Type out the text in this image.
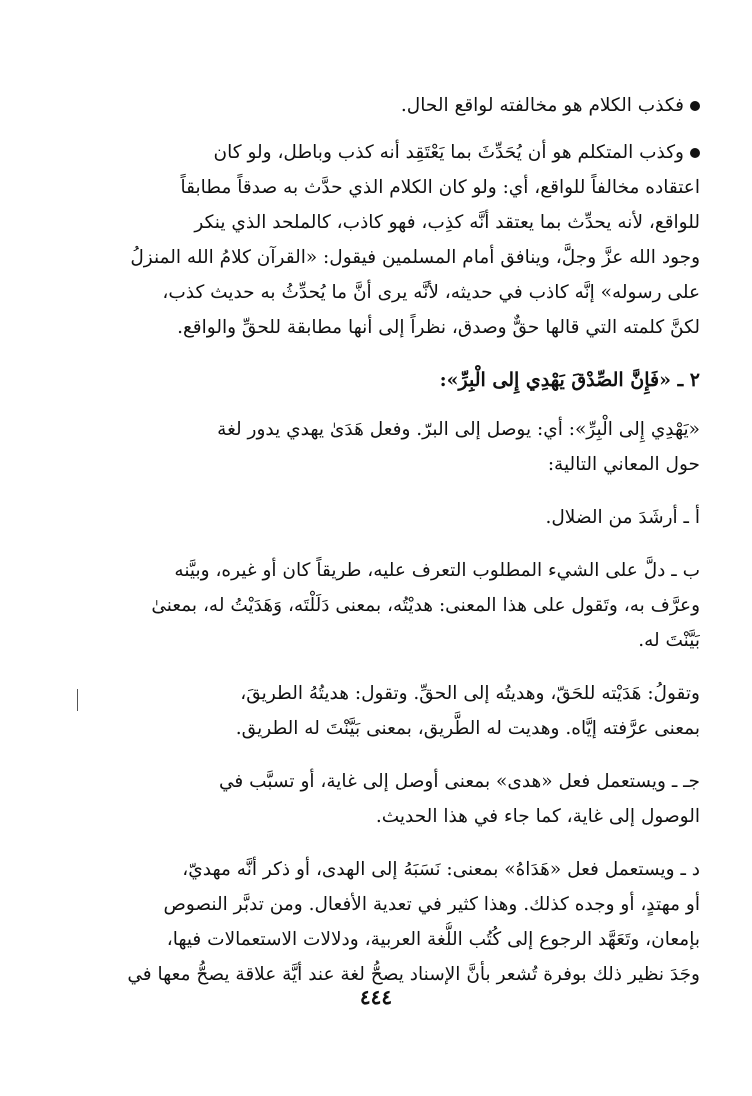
فكذب الكلام هو مخالفته لواقع الحال.

وكذب المتكلم هو أن يُحَدِّثَ بما يَعْتَقِد أنه كذب وباطل، ولو كان
اعتقاده مخالفاً للواقع، أي: ولو كان الكلام الذي حدَّث به صدقاً مطابقاً
للواقع، لأنه يحدِّث بما يعتقد أنَّه كذِب، فهو كاذب، كالملحد الذي ينكر
وجود الله عزَّ وجلَّ، وينافق أمام المسلمين فيقول: «القرآن كلامُ الله المنزلُ
على رسوله» إنَّه كاذب في حديثه، لأنَّه يرى أنَّ ما يُحدِّثُ به حديث كذب،
لكنَّ كلمته التي قالها حقٌّ وصدق، نظراً إلى أنها مطابقة للحقِّ والواقع.

٢ ـ «فَإِنَّ الصِّدْقَ يَهْدِي إِلى الْبِرِّ»:

«يَهْدِي إِلى الْبِرِّ»: أي: يوصل إلى البرّ. وفعل هَدَىٰ يهدي يدور لغة
حول المعاني التالية:

أ ـ أرشَدَ من الضلال.

ب ـ دلَّ على الشيء المطلوب التعرف عليه، طريقاً كان أو غيره، وبيَّنه
وعرَّف به، وتَقول على هذا المعنى: هديْتُه، بمعنى دَلَلْتَه، وَهَدَيْتُ له، بمعنىٰ
بَيَّنْتَ له.

وتقولُ: هَدَيْته للحَقّ، وهديتُه إلى الحقِّ. وتقول: هديتُهُ الطريقَ،
بمعنى عرَّفته إيَّاه. وهديت له الطَّريق، بمعنى بَيَّنْتَ له الطريق.

جـ ـ ويستعمل فعل «هدى» بمعنى أوصل إلى غاية، أو تسبَّب في
الوصول إلى غاية، كما جاء في هذا الحديث.

د ـ ويستعمل فعل «هَدَاهُ» بمعنى: نَسَبَهُ إلى الهدى، أو ذكر أنَّه مهديّ،
أو مهتدٍ، أو وجده كذلك. وهذا كثير في تعدية الأفعال. ومن تدبَّر النصوص
بإمعان، وتَعَهَّد الرجوع إلى كُتُب اللُّغة العربية، ودلالات الاستعمالات فيها،
وجَدَ نظير ذلك بوفرة تُشعر بأنَّ الإسناد يصحُّ لغة عند أيَّة علاقة يصحُّ معها في

٤٤٤
